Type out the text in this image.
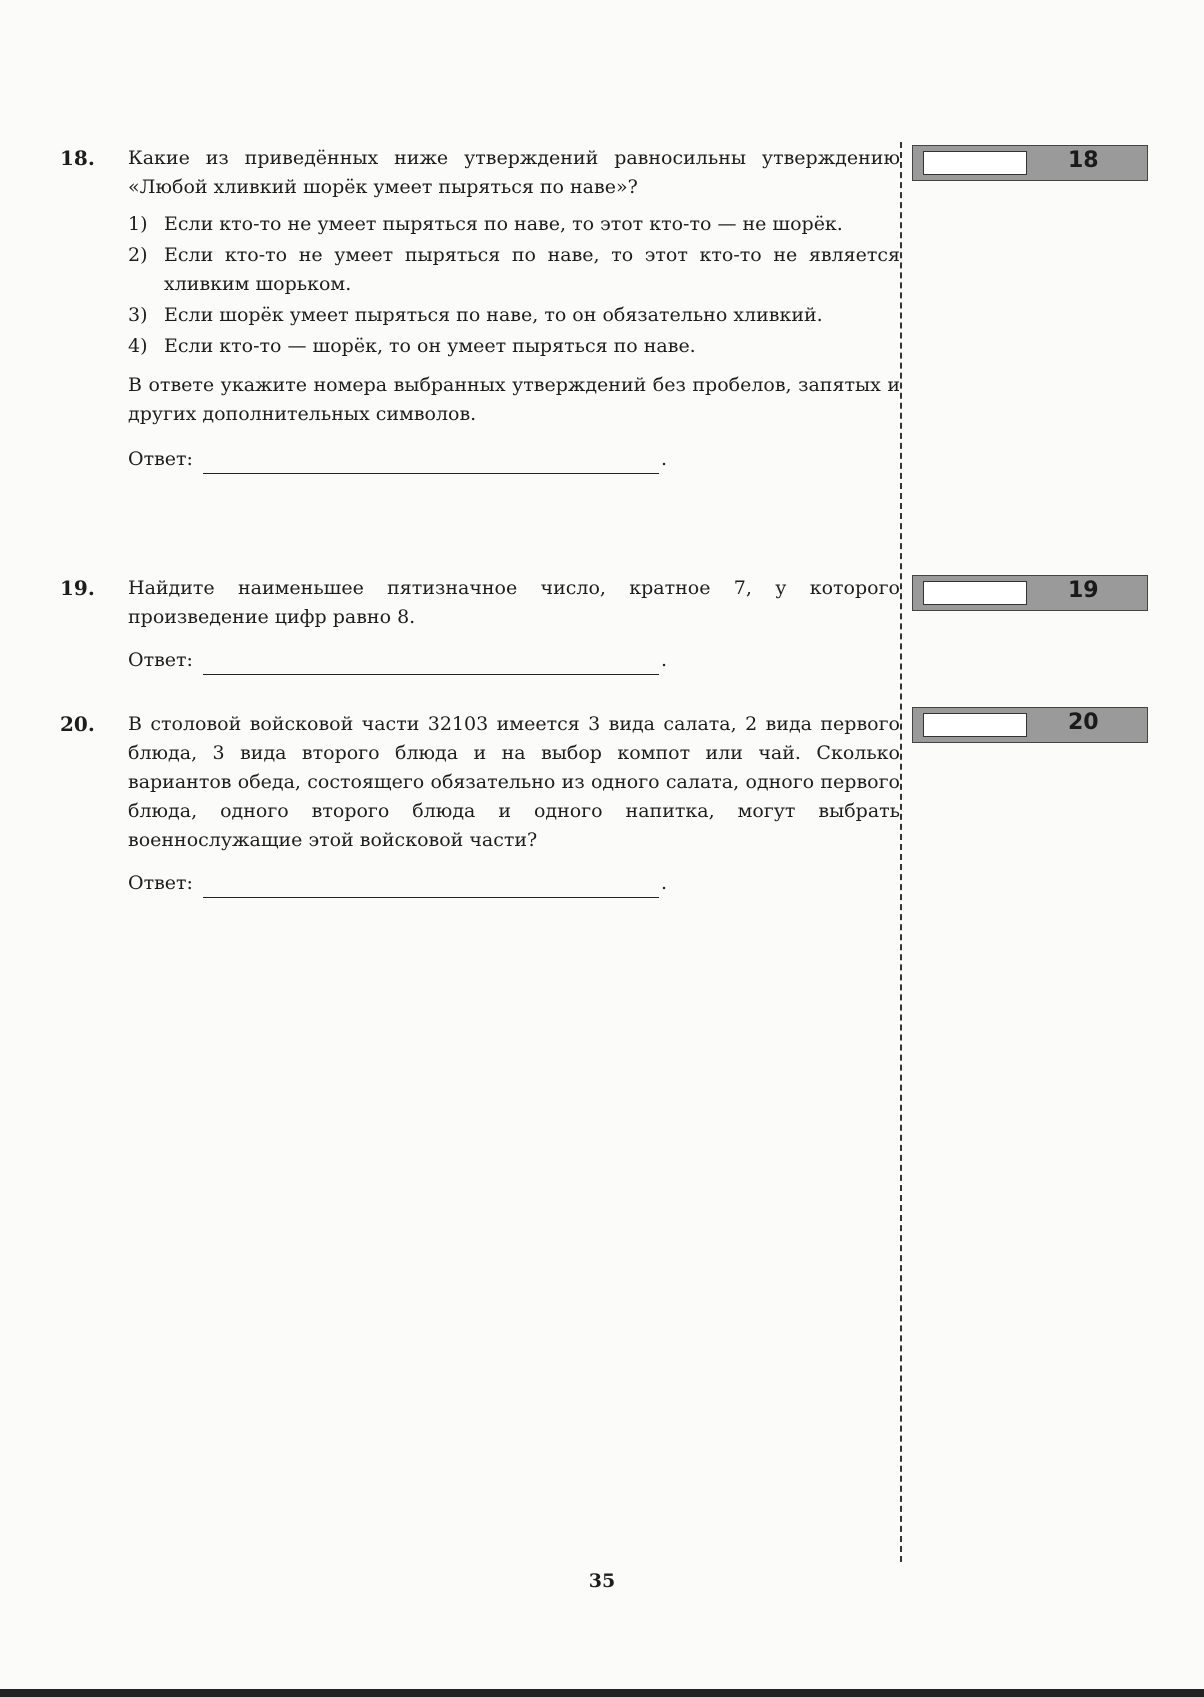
18. Какие из приведённых ниже утверждений равносильны утверждению «Любой хливкий шорёк умеет пыряться по наве»?

1) Если кто-то не умеет пыряться по наве, то этот кто-то — не шорёк.
2) Если кто-то не умеет пыряться по наве, то этот кто-то не является хливким шорьком.
3) Если шорёк умеет пыряться по наве, то он обязательно хливкий.
4) Если кто-то — шорёк, то он умеет пыряться по наве.

В ответе укажите номера выбранных утверждений без пробелов, запятых и других дополнительных символов.

Ответ:	.
19. Найдите наименьшее пятизначное число, кратное 7, у которого произведение цифр равно 8.

Ответ:	.
20. В столовой войсковой части 32103 имеется 3 вида салата, 2 вида первого блюда, 3 вида второго блюда и на выбор компот или чай. Сколько вариантов обеда, состоящего обязательно из одного салата, одного первого блюда, одного второго блюда и одного напитка, могут выбрать военнослужащие этой войсковой части?

Ответ:	.
18
19
20
35
